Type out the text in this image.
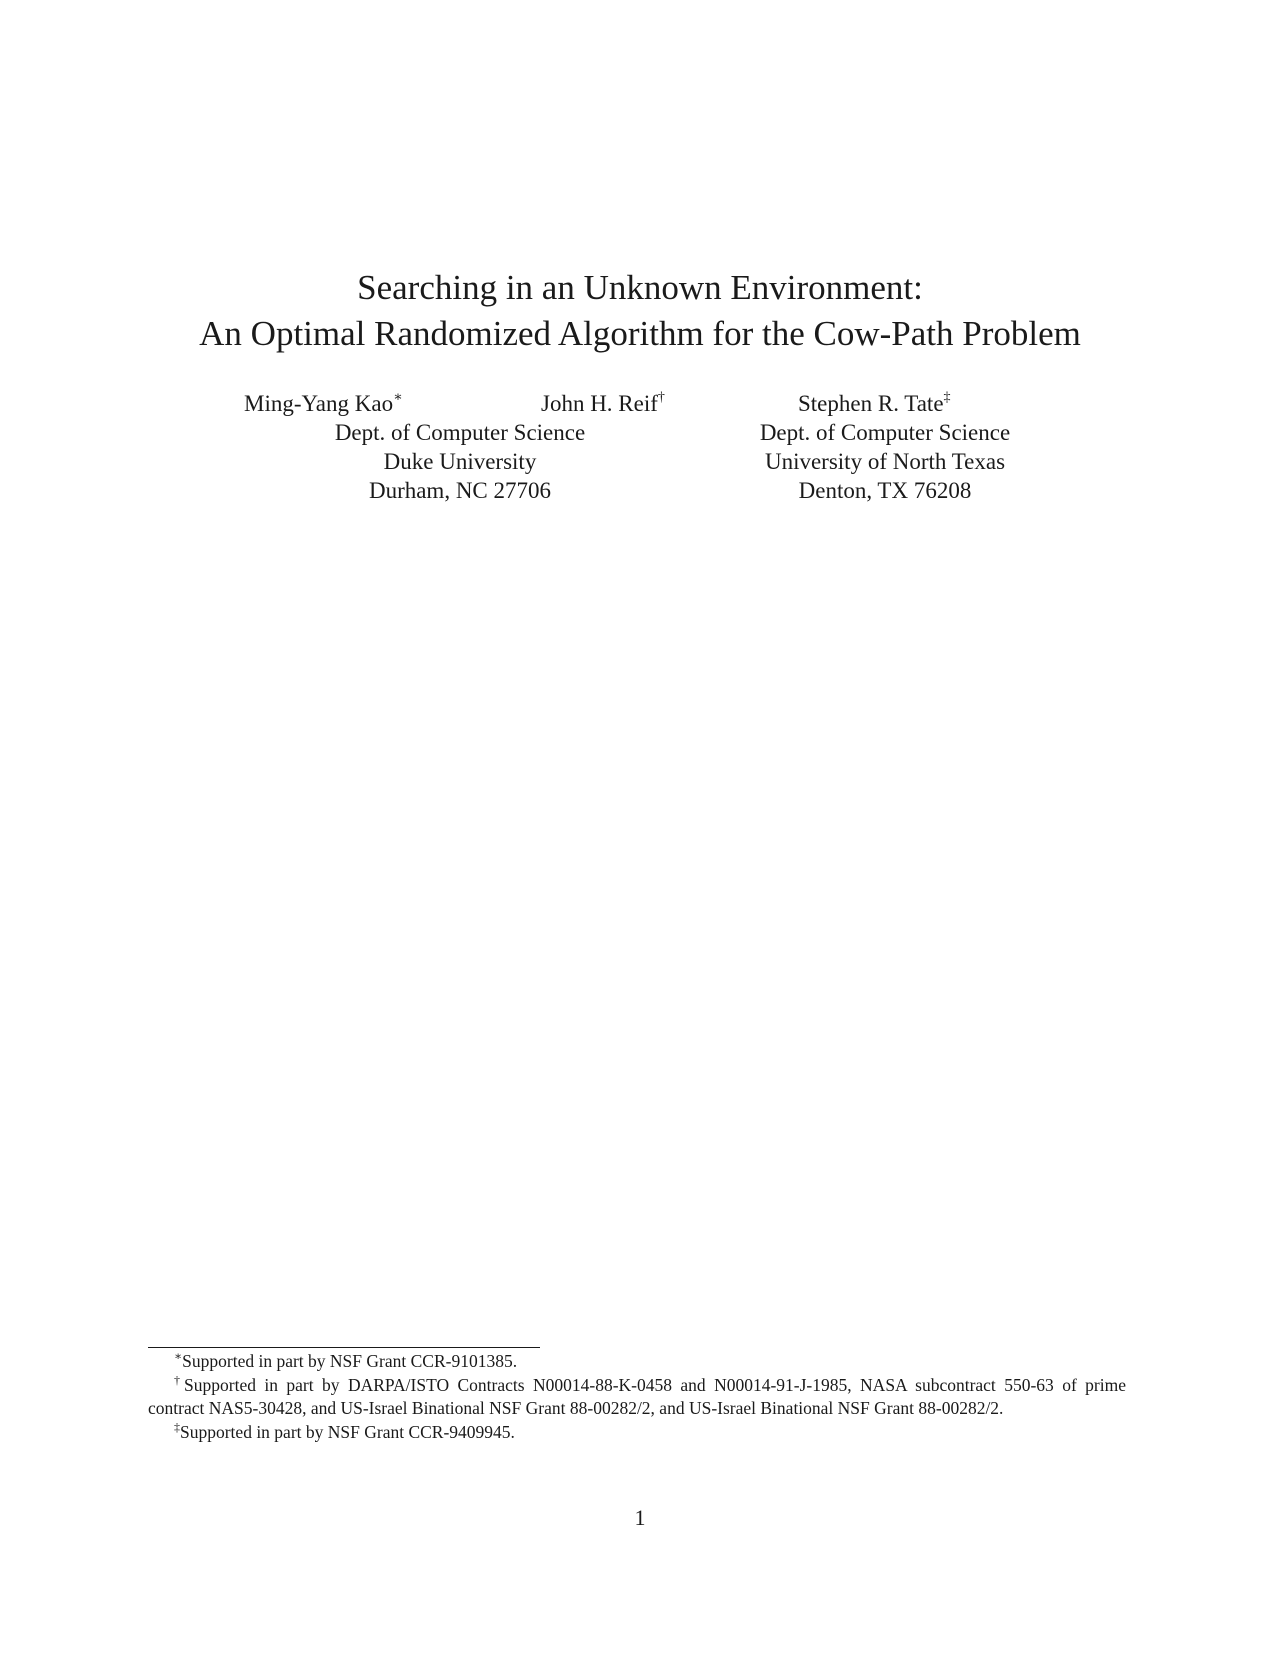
Searching in an Unknown Environment:
An Optimal Randomized Algorithm for the Cow-Path Problem
Ming-Yang Kao∗	John H. Reif†	Stephen R. Tate‡
Dept. of Computer Science
Duke University
Durham, NC 27706
Dept. of Computer Science
University of North Texas
Denton, TX 76208

∗Supported in part by NSF Grant CCR-9101385.

†Supported in part by DARPA/ISTO Contracts N00014-88-K-0458 and N00014-91-J-1985, NASA subcontract 550-63 of prime contract NAS5-30428, and US-Israel Binational NSF Grant 88-00282/2, and US-Israel Binational NSF Grant 88-00282/2.

‡Supported in part by NSF Grant CCR-9409945.

1
